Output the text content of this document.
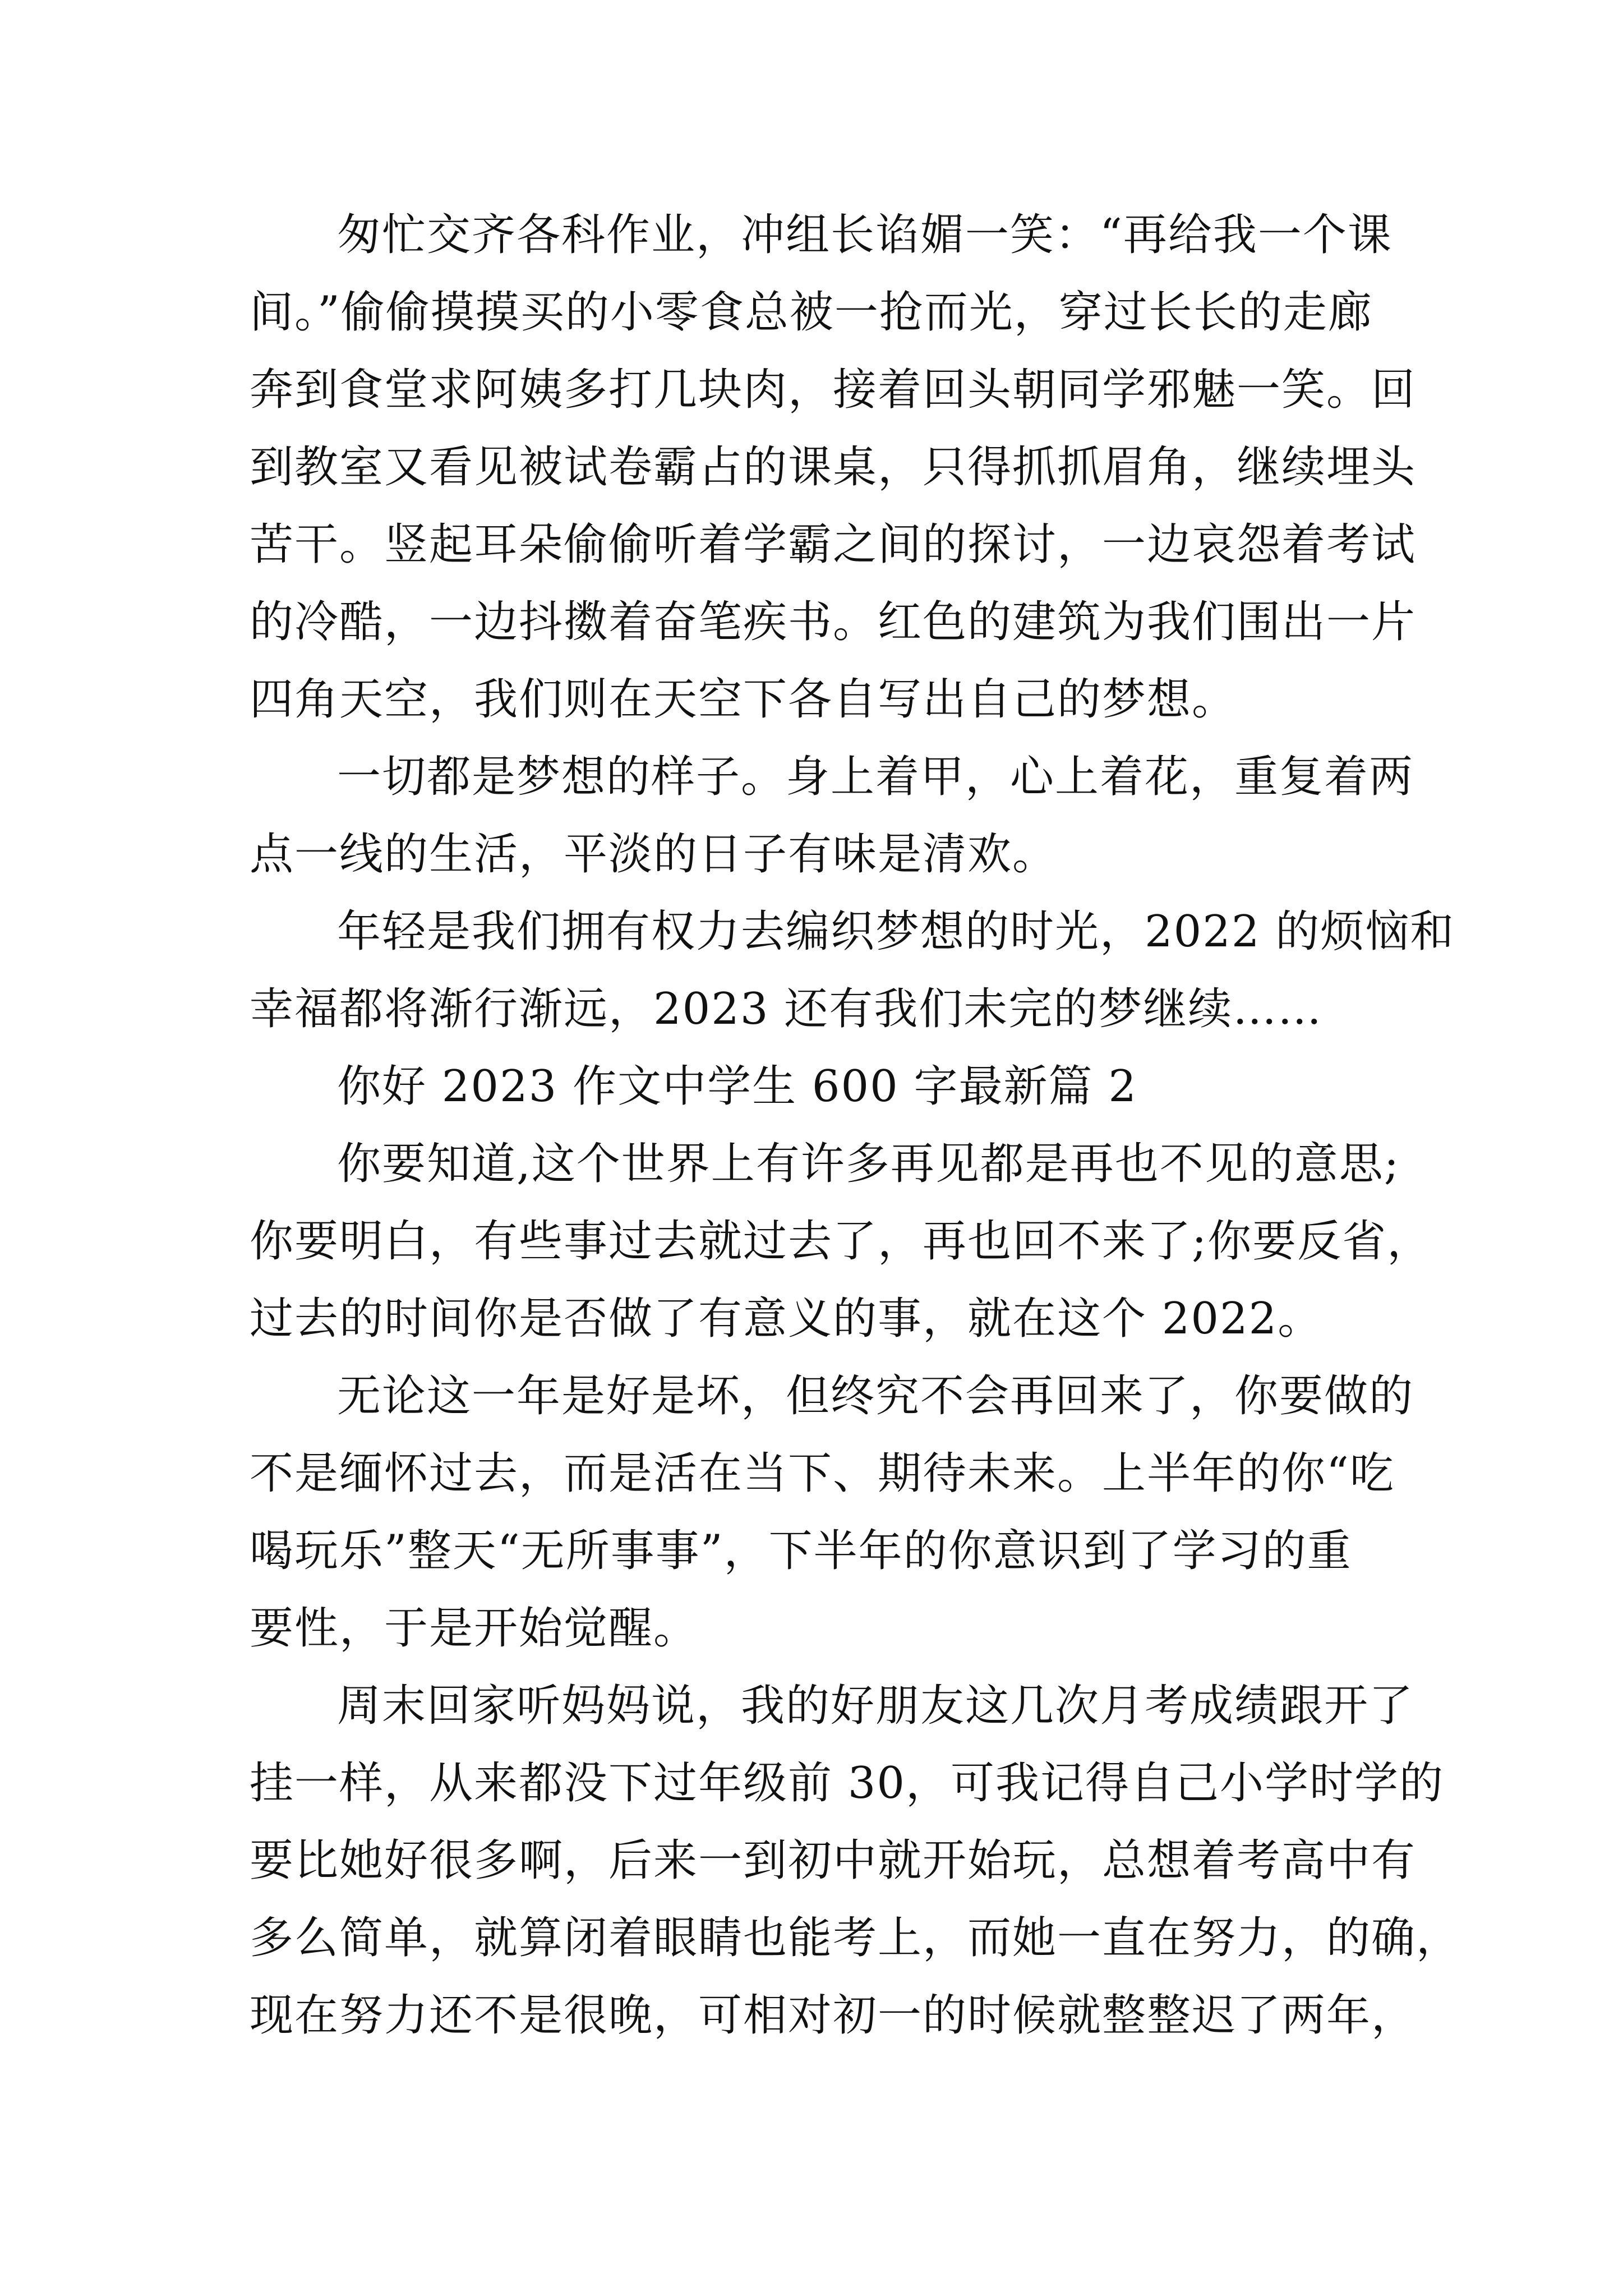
匆忙交齐各科作业，冲组长谄媚一笑：“再给我一个课
间。”偷偷摸摸买的小零食总被一抢而光，穿过长长的走廊
奔到食堂求阿姨多打几块肉，接着回头朝同学邪魅一笑。回
到教室又看见被试卷霸占的课桌，只得抓抓眉角，继续埋头
苦干。竖起耳朵偷偷听着学霸之间的探讨，一边哀怨着考试
的冷酷，一边抖擞着奋笔疾书。红色的建筑为我们围出一片
四角天空，我们则在天空下各自写出自己的梦想。

一切都是梦想的样子。身上着甲，心上着花，重复着两
点一线的生活，平淡的日子有味是清欢。

年轻是我们拥有权力去编织梦想的时光，2022 的烦恼和
幸福都将渐行渐远，2023 还有我们未完的梦继续……

你好 2023 作文中学生 600 字最新篇 2

你要知道,这个世界上有许多再见都是再也不见的意思;
你要明白，有些事过去就过去了，再也回不来了;你要反省，
过去的时间你是否做了有意义的事，就在这个 2022。

无论这一年是好是坏，但终究不会再回来了，你要做的
不是缅怀过去，而是活在当下、期待未来。上半年的你“吃
喝玩乐”整天“无所事事”，下半年的你意识到了学习的重
要性，于是开始觉醒。

周末回家听妈妈说，我的好朋友这几次月考成绩跟开了
挂一样，从来都没下过年级前 30，可我记得自己小学时学的
要比她好很多啊，后来一到初中就开始玩，总想着考高中有
多么简单，就算闭着眼睛也能考上，而她一直在努力，的确，
现在努力还不是很晚，可相对初一的时候就整整迟了两年，
